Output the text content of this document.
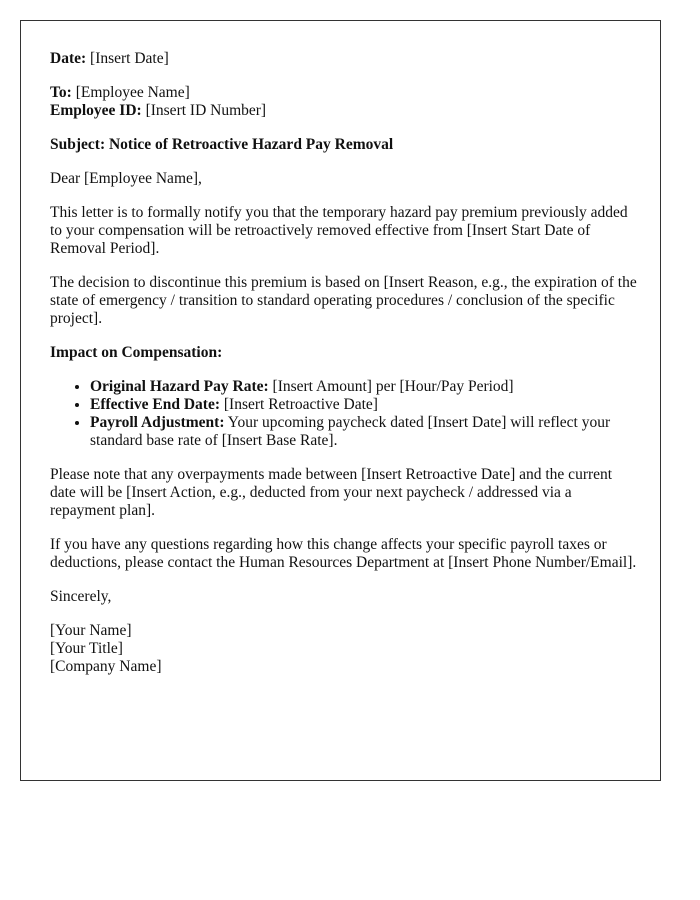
Date: [Insert Date]

To: [Employee Name]
Employee ID: [Insert ID Number]

Subject: Notice of Retroactive Hazard Pay Removal

Dear [Employee Name],

This letter is to formally notify you that the temporary hazard pay premium previously added to your compensation will be retroactively removed effective from [Insert Start Date of Removal Period].

The decision to discontinue this premium is based on [Insert Reason, e.g., the expiration of the state of emergency / transition to standard operating procedures / conclusion of the specific project].

Impact on Compensation:

• Original Hazard Pay Rate: [Insert Amount] per [Hour/Pay Period]
• Effective End Date: [Insert Retroactive Date]
• Payroll Adjustment: Your upcoming paycheck dated [Insert Date] will reflect your standard base rate of [Insert Base Rate].

Please note that any overpayments made between [Insert Retroactive Date] and the current date will be [Insert Action, e.g., deducted from your next paycheck / addressed via a repayment plan].

If you have any questions regarding how this change affects your specific payroll taxes or deductions, please contact the Human Resources Department at [Insert Phone Number/Email].

Sincerely,

[Your Name]
[Your Title]
[Company Name]
